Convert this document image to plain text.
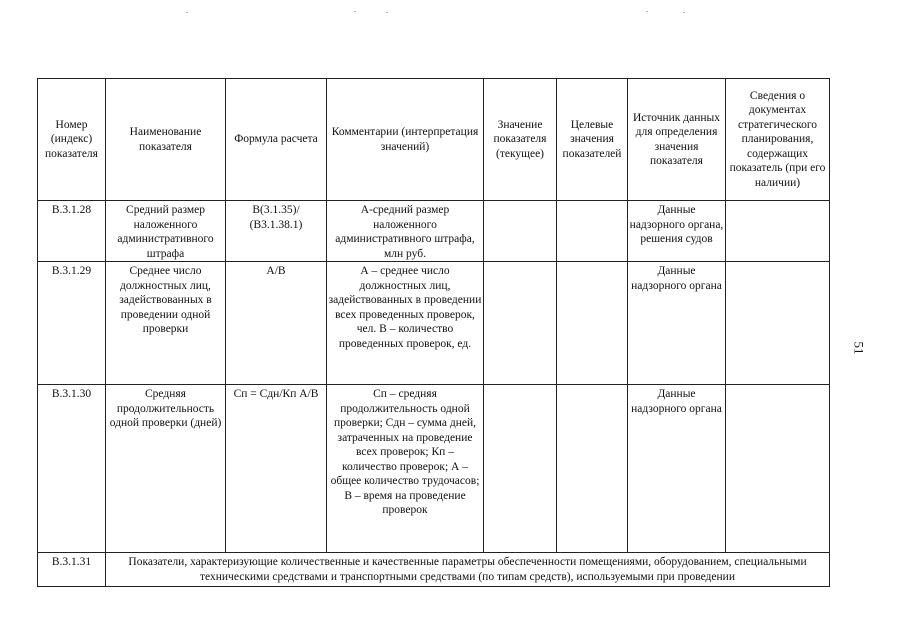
Номер (индекс) показателя	Наименование показателя	Формула расчета	Комментарии (интерпретация значений)	Значение показателя (текущее)	Целевые значения показателей	Источник данных для определения значения показателя	Сведения о документах стратегического планирования, содержащих показатель (при его наличии)
В.3.1.28	Средний размер наложенного административного штрафа	В(3.1.35)/ (В3.1.38.1)	А-средний размер наложенного административного штрафа, млн руб.			Данные надзорного органа, решения судов	
В.3.1.29	Среднее число должностных лиц, задействованных в проведении одной проверки	А/В	А – среднее число должностных лиц, задействованных в проведении всех проведенных проверок, чел. В – количество проведенных проверок, ед.			Данные надзорного органа	
В.3.1.30	Средняя продолжительность одной проверки (дней)	Сп = Сдн/Кп А/В	Сп – средняя продолжительность одной проверки; Сдн – сумма дней, затраченных на проведение всех проверок; Кп – количество проверок; А – общее количество трудочасов; В – время на проведение проверок			Данные надзорного органа	
В.3.1.31	Показатели, характеризующие количественные и качественные параметры обеспеченности помещениями, оборудованием, специальными техническими средствами и транспортными средствами (по типам средств), используемыми при проведении						
51
